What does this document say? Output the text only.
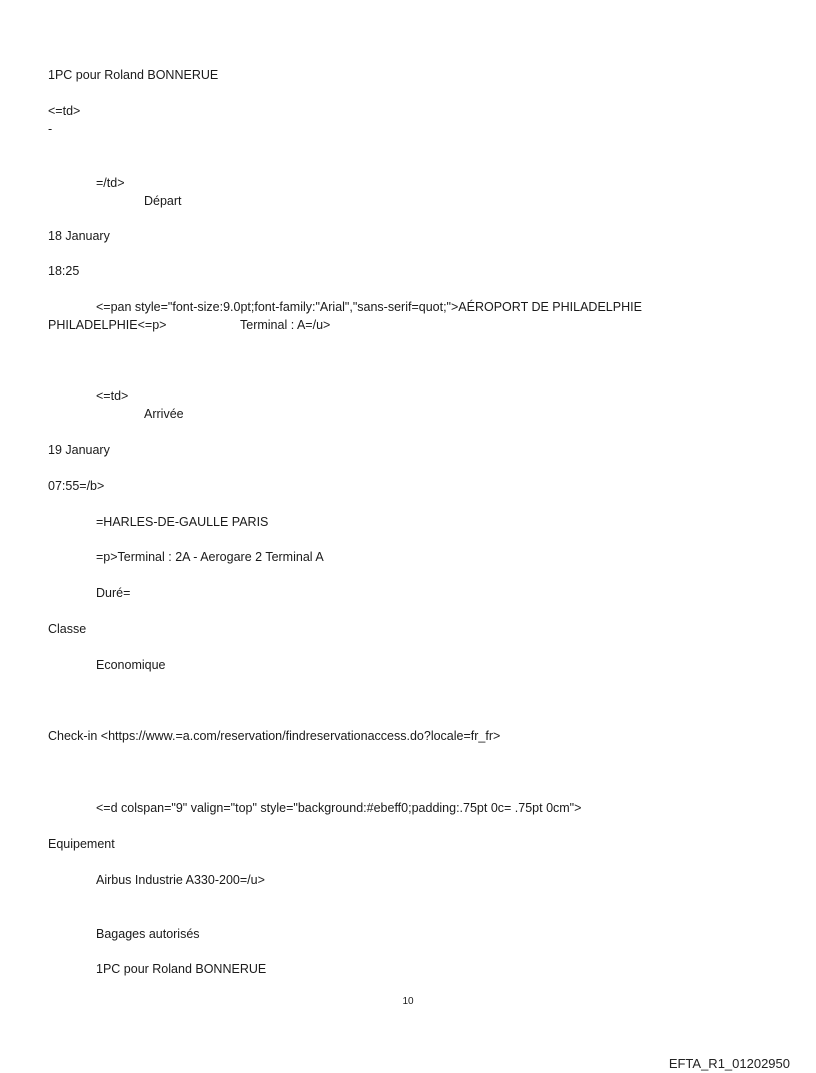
1PC pour Roland BONNERUE
<=td>
-
=/td>
Départ
18 January
18:25
<=pan style="font-size:9.0pt;font-family:"Arial","sans-serif=quot;">AÉROPORT DE PHILADELPHIE
PHILADELPHIE<=p>	Terminal : A=/u>
<=td>
Arrivée
19 January
07:55=/b>
=HARLES-DE-GAULLE PARIS
=p>Terminal : 2A - Aerogare 2 Terminal A
Duré=
Classe
Economique
Check-in <https://www.=a.com/reservation/findreservationaccess.do?locale=fr_fr>
<=d colspan="9" valign="top" style="background:#ebeff0;padding:.75pt 0c= .75pt 0cm">
Equipement
Airbus Industrie A330-200=/u>
Bagages autorisés
1PC pour Roland BONNERUE
10
EFTA_R1_01202950
